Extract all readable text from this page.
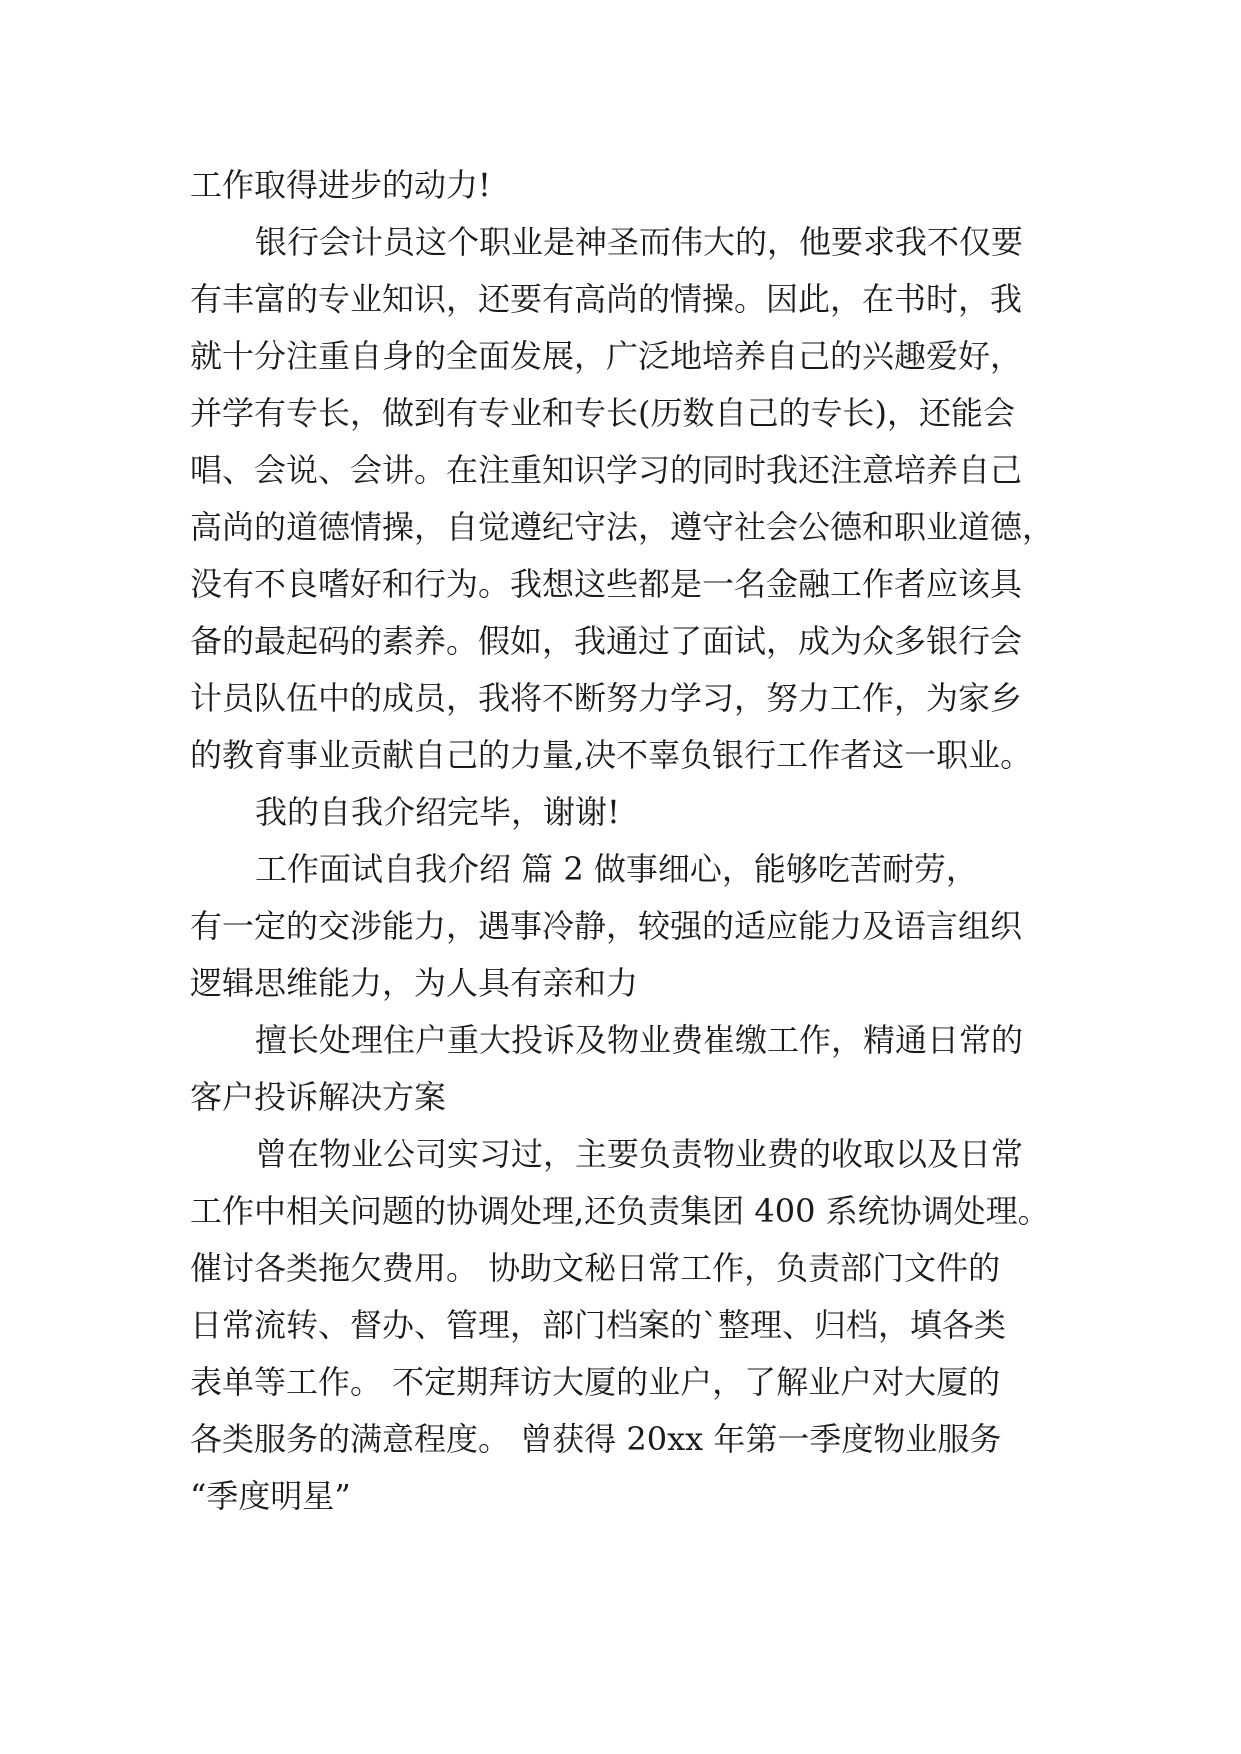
工作取得进步的动力!
银行会计员这个职业是神圣而伟大的，他要求我不仅要
有丰富的专业知识，还要有高尚的情操。因此，在书时，我
就十分注重自身的全面发展，广泛地培养自己的兴趣爱好，
并学有专长，做到有专业和专长(历数自己的专长)，还能会
唱、会说、会讲。在注重知识学习的同时我还注意培养自己
高尚的道德情操，自觉遵纪守法，遵守社会公德和职业道德，
没有不良嗜好和行为。我想这些都是一名金融工作者应该具
备的最起码的素养。假如，我通过了面试，成为众多银行会
计员队伍中的成员，我将不断努力学习，努力工作，为家乡
的教育事业贡献自己的力量,决不辜负银行工作者这一职业。
我的自我介绍完毕，谢谢!
工作面试自我介绍 篇 2 做事细心，能够吃苦耐劳，
有一定的交涉能力，遇事冷静，较强的适应能力及语言组织
逻辑思维能力，为人具有亲和力
擅长处理住户重大投诉及物业费崔缴工作，精通日常的
客户投诉解决方案
曾在物业公司实习过，主要负责物业费的收取以及日常
工作中相关问题的协调处理,还负责集团 400 系统协调处理。
催讨各类拖欠费用。 协助文秘日常工作，负责部门文件的
日常流转、督办、管理，部门档案的`整理、归档，填各类
表单等工作。 不定期拜访大厦的业户，了解业户对大厦的
各类服务的满意程度。 曾获得 20xx 年第一季度物业服务
“季度明星”
